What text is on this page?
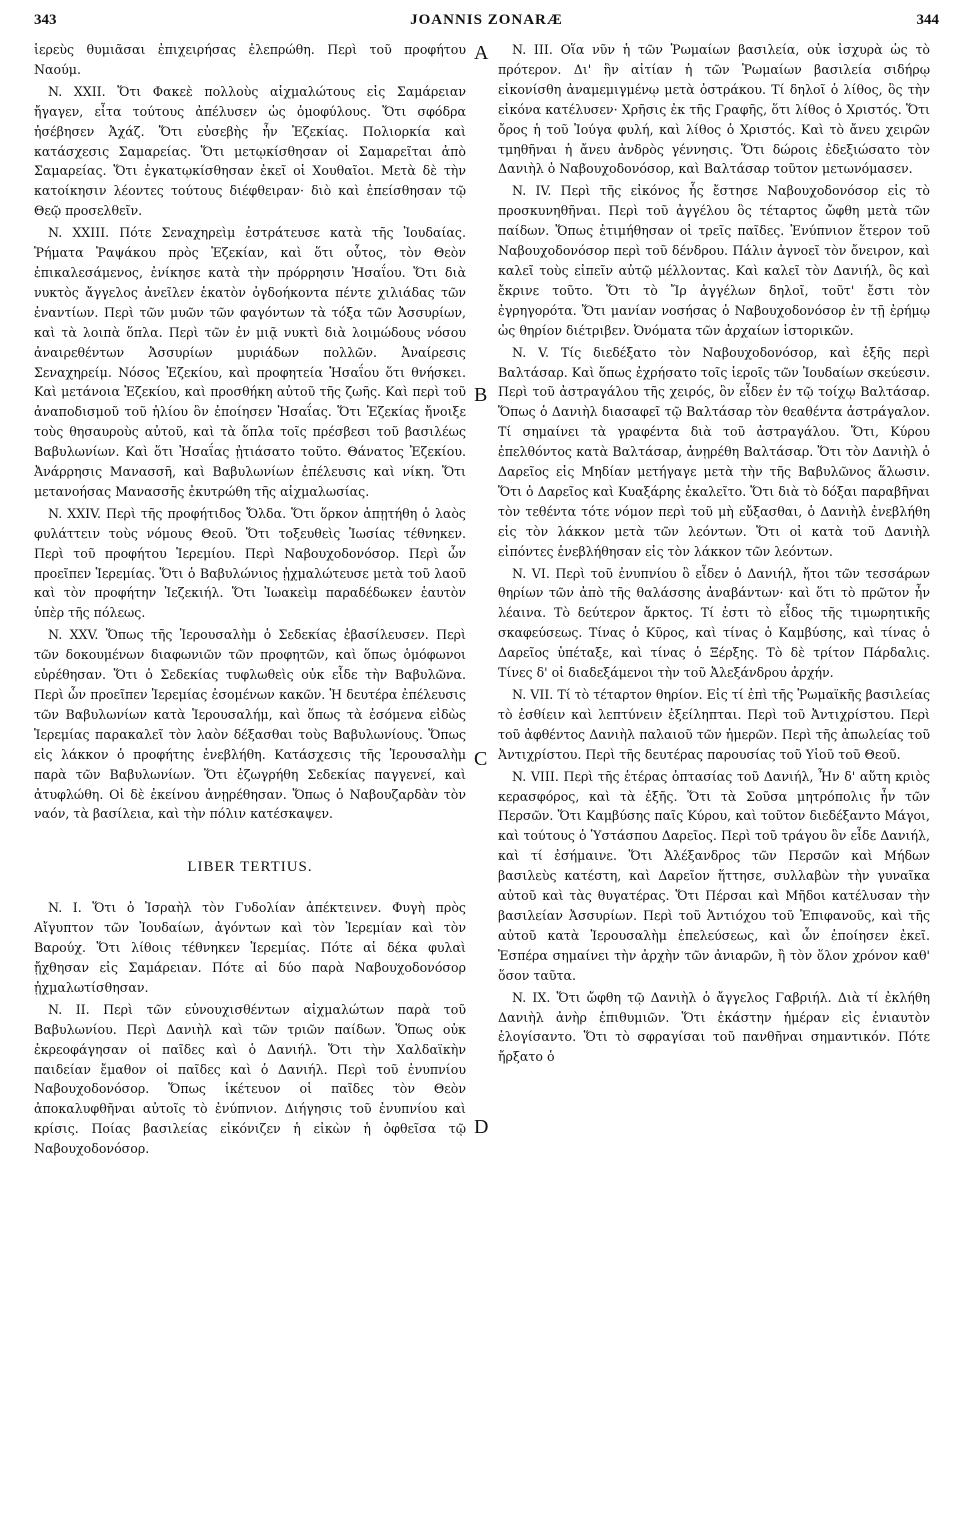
343	JOANNIS ZONARÆ	344
A
B
C
D

ἱερεὺς θυμιᾶσαι ἐπιχειρήσας ἐλεπρώθη. Περὶ τοῦ προφήτου Ναούμ.

N. XXII. Ὅτι Φακεὲ πολλοὺς αἰχμαλώτους εἰς Σαμάρειαν ἤγαγεν, εἶτα τούτους ἀπέλυσεν ὡς ὁμοφύλους. Ὅτι σφόδρα ἠσέβησεν Ἀχάζ. Ὅτι εὐσεβὴς ἦν Ἐζεκίας. Πολιορκία καὶ κατάσχεσις Σαμαρείας. Ὅτι μετῳκίσθησαν οἱ Σαμαρεῖται ἀπὸ Σαμαρείας. Ὅτι ἐγκατῳκίσθησαν ἐκεῖ οἱ Χουθαῖοι. Μετὰ δὲ τὴν κατοίκησιν λέοντες τούτους διέφθειραν· διὸ καὶ ἐπείσθησαν τῷ Θεῷ προσελθεῖν.

N. XXIII. Πότε Σεναχηρεὶμ ἐστράτευσε κατὰ τῆς Ἰουδαίας. Ῥήματα Ῥαψάκου πρὸς Ἐζεκίαν, καὶ ὅτι οὗτος, τὸν Θεὸν ἐπικαλεσάμενος, ἐνίκησε κατὰ τὴν πρόρρησιν Ἡσαΐου. Ὅτι διὰ νυκτὸς ἄγγελος ἀνεῖλεν ἑκατὸν ὀγδοήκοντα πέντε χιλιάδας τῶν ἐναντίων. Περὶ τῶν μυῶν τῶν φαγόντων τὰ τόξα τῶν Ἀσσυρίων, καὶ τὰ λοιπὰ ὅπλα. Περὶ τῶν ἐν μιᾷ νυκτὶ διὰ λοιμώδους νόσου ἀναιρεθέντων Ἀσσυρίων μυριάδων πολλῶν. Ἀναίρεσις Σεναχηρείμ. Νόσος Ἐζεκίου, καὶ προφητεία Ἡσαΐου ὅτι θνήσκει. Καὶ μετάνοια Ἐζεκίου, καὶ προσθήκη αὐτοῦ τῆς ζωῆς. Καὶ περὶ τοῦ ἀναποδισμοῦ τοῦ ἡλίου ὃν ἐποίησεν Ἡσαΐας. Ὅτι Ἐζεκίας ἤνοιξε τοὺς θησαυροὺς αὐτοῦ, καὶ τὰ ὅπλα τοῖς πρέσβεσι τοῦ βασιλέως Βαβυλωνίων. Καὶ ὅτι Ἡσαΐας ᾐτιάσατο τοῦτο. Θάνατος Ἐζεκίου. Ἀνάρρησις Μανασσῆ, καὶ Βαβυλωνίων ἐπέλευσις καὶ νίκη. Ὅτι μετανοήσας Μανασσῆς ἐκυτρώθη τῆς αἰχμαλωσίας.

N. XXIV. Περὶ τῆς προφήτιδος Ὄλδα. Ὅτι ὅρκον ἀπῃτήθη ὁ λαὸς φυλάττειν τοὺς νόμους Θεοῦ. Ὅτι τοξευθεὶς Ἰωσίας τέθνηκεν. Περὶ τοῦ προφήτου Ἱερεμίου. Περὶ Ναβουχοδονόσορ. Περὶ ὧν προεῖπεν Ἱερεμίας. Ὅτι ὁ Βαβυλώνιος ᾐχμαλώτευσε μετὰ τοῦ λαοῦ καὶ τὸν προφήτην Ἰεζεκιήλ. Ὅτι Ἰωακεὶμ παραδέδωκεν ἑαυτὸν ὑπὲρ τῆς πόλεως.

N. XXV. Ὅπως τῆς Ἱερουσαλὴμ ὁ Σεδεκίας ἐβασίλευσεν. Περὶ τῶν δοκουμένων διαφωνιῶν τῶν προφητῶν, καὶ ὅπως ὁμόφωνοι εὑρέθησαν. Ὅτι ὁ Σεδεκίας τυφλωθεὶς οὐκ εἶδε τὴν Βαβυλῶνα. Περὶ ὧν προεῖπεν Ἱερεμίας ἐσομένων κακῶν. Ἡ δευτέρα ἐπέλευσις τῶν Βαβυλωνίων κατὰ Ἱερουσαλήμ, καὶ ὅπως τὰ ἐσόμενα εἰδὼς Ἱερεμίας παρακαλεῖ τὸν λαὸν δέξασθαι τοὺς Βαβυλωνίους. Ὅπως εἰς λάκκον ὁ προφήτης ἐνεβλήθη. Κατάσχεσις τῆς Ἱερουσαλὴμ παρὰ τῶν Βαβυλωνίων. Ὅτι ἐζωγρήθη Σεδεκίας παγγενεί, καὶ ἀτυφλώθη. Οἱ δὲ ἐκείνου ἀνῃρέθησαν. Ὅπως ὁ Ναβουζαρδὰν τὸν ναόν, τὰ βασίλεια, καὶ τὴν πόλιν κατέσκαψεν.

LIBER TERTIUS.

N. I. Ὅτι ὁ Ἰσραὴλ τὸν Γυδολίαν ἀπέκτεινεν. Φυγὴ πρὸς Αἴγυπτον τῶν Ἰουδαίων, ἀγόντων καὶ τὸν Ἱερεμίαν καὶ τὸν Βαρούχ. Ὅτι λίθοις τέθνηκεν Ἱερεμίας. Πότε αἱ δέκα φυλαὶ ᾔχθησαν εἰς Σαμάρειαν. Πότε αἱ δύο παρὰ Ναβουχοδονόσορ ᾐχμαλωτίσθησαν.

N. II. Περὶ τῶν εὐνουχισθέντων αἰχμαλώτων παρὰ τοῦ Βαβυλωνίου. Περὶ Δανιὴλ καὶ τῶν τριῶν παίδων. Ὅπως οὐκ ἐκρεοφάγησαν οἱ παῖδες καὶ ὁ Δανιήλ. Ὅτι τὴν Χαλδαϊκὴν παιδείαν ἔμαθον οἱ παῖδες καὶ ὁ Δανιήλ. Περὶ τοῦ ἐνυπνίου Ναβουχοδονόσορ. Ὅπως ἱκέτευον οἱ παῖδες τὸν Θεὸν ἀποκαλυφθῆναι αὐτοῖς τὸ ἐνύπνιον. Διήγησις τοῦ ἐνυπνίου καὶ κρίσις. Ποίας βασιλείας εἰκόνιζεν ἡ εἰκὼν ἡ ὀφθεῖσα τῷ Ναβουχοδονόσορ.

N. III. Οἵα νῦν ἡ τῶν Ῥωμαίων βασιλεία, οὐκ ἰσχυρὰ ὡς τὸ πρότερον. Δι' ἣν αἰτίαν ἡ τῶν Ῥωμαίων βασιλεία σιδήρῳ εἰκονίσθη ἀναμεμιγμένῳ μετὰ ὀστράκου. Τί δηλοῖ ὁ λίθος, ὃς τὴν εἰκόνα κατέλυσεν· Χρῆσις ἐκ τῆς Γραφῆς, ὅτι λίθος ὁ Χριστός. Ὅτι ὄρος ἡ τοῦ Ἰούγα φυλή, καὶ λίθος ὁ Χριστός. Καὶ τὸ ἄνευ χειρῶν τμηθῆναι ἡ ἄνευ ἀνδρὸς γέννησις. Ὅτι δώροις ἐδεξιώσατο τὸν Δανιὴλ ὁ Ναβουχοδονόσορ, καὶ Βαλτάσαρ τοῦτον μετωνόμασεν.

N. IV. Περὶ τῆς εἰκόνος ἧς ἔστησε Ναβουχοδονόσορ εἰς τὸ προσκυνηθῆναι. Περὶ τοῦ ἀγγέλου ὃς τέταρτος ὤφθη μετὰ τῶν παίδων. Ὅπως ἐτιμήθησαν οἱ τρεῖς παῖδες. Ἐνύπνιον ἕτερον τοῦ Ναβουχοδονόσορ περὶ τοῦ δένδρου. Πάλιν ἀγνοεῖ τὸν ὄνειρον, καὶ καλεῖ τοὺς εἰπεῖν αὐτῷ μέλλοντας. Καὶ καλεῖ τὸν Δανιήλ, ὃς καὶ ἔκρινε τοῦτο. Ὅτι τὸ Ἴρ ἀγγέλων δηλοῖ, τοῦτ' ἔστι τὸν ἐγρηγορότα. Ὅτι μανίαν νοσήσας ὁ Ναβουχοδονόσορ ἐν τῇ ἐρήμῳ ὡς θηρίον διέτριβεν. Ὀνόματα τῶν ἀρχαίων ἱστορικῶν.

N. V. Τίς διεδέξατο τὸν Ναβουχοδονόσορ, καὶ ἑξῆς περὶ Βαλτάσαρ. Καὶ ὅπως ἐχρήσατο τοῖς ἱεροῖς τῶν Ἰουδαίων σκεύεσιν. Περὶ τοῦ ἀστραγάλου τῆς χειρός, ὃν εἶδεν ἐν τῷ τοίχῳ Βαλτάσαρ. Ὅπως ὁ Δανιὴλ διασαφεῖ τῷ Βαλτάσαρ τὸν θεαθέντα ἀστράγαλον. Τί σημαίνει τὰ γραφέντα διὰ τοῦ ἀστραγάλου. Ὅτι, Κύρου ἐπελθόντος κατὰ Βαλτάσαρ, ἀνῃρέθη Βαλτάσαρ. Ὅτι τὸν Δανιὴλ ὁ Δαρεῖος εἰς Μηδίαν μετήγαγε μετὰ τὴν τῆς Βαβυλῶνος ἅλωσιν. Ὅτι ὁ Δαρεῖος καὶ Κυαξάρης ἐκαλεῖτο. Ὅτι διὰ τὸ δόξαι παραβῆναι τὸν τεθέντα τότε νόμον περὶ τοῦ μὴ εὔξασθαι, ὁ Δανιὴλ ἐνεβλήθη εἰς τὸν λάκκον μετὰ τῶν λεόντων. Ὅτι οἱ κατὰ τοῦ Δανιὴλ εἰπόντες ἐνεβλήθησαν εἰς τὸν λάκκον τῶν λεόντων.

N. VI. Περὶ τοῦ ἐνυπνίου ὃ εἶδεν ὁ Δανιήλ, ἤτοι τῶν τεσσάρων θηρίων τῶν ἀπὸ τῆς θαλάσσης ἀναβάντων· καὶ ὅτι τὸ πρῶτον ἦν λέαινα. Τὸ δεύτερον ἄρκτος. Τί ἐστι τὸ εἶδος τῆς τιμωρητικῆς σκαφεύσεως. Τίνας ὁ Κῦρος, καὶ τίνας ὁ Καμβύσης, καὶ τίνας ὁ Δαρεῖος ὑπέταξε, καὶ τίνας ὁ Ξέρξης. Τὸ δὲ τρίτον Πάρδαλις. Τίνες δ' οἱ διαδεξάμενοι τὴν τοῦ Ἀλεξάνδρου ἀρχήν.

N. VII. Τί τὸ τέταρτον θηρίον. Εἰς τί ἐπὶ τῆς Ῥωμαϊκῆς βασιλείας τὸ ἐσθίειν καὶ λεπτύνειν ἐξείληπται. Περὶ τοῦ Ἀντιχρίστου. Περὶ τοῦ ἀφθέντος Δανιὴλ παλαιοῦ τῶν ἡμερῶν. Περὶ τῆς ἀπωλείας τοῦ Ἀντιχρίστου. Περὶ τῆς δευτέρας παρουσίας τοῦ Υἱοῦ τοῦ Θεοῦ.

N. VIII. Περὶ τῆς ἑτέρας ὀπτασίας τοῦ Δανιήλ, Ἦν δ' αὕτη κριὸς κερασφόρος, καὶ τὰ ἑξῆς. Ὅτι τὰ Σοῦσα μητρόπολις ἦν τῶν Περσῶν. Ὅτι Καμβύσης παῖς Κύρου, καὶ τοῦτον διεδέξαντο Μάγοι, καὶ τούτους ὁ Ὑστάσπου Δαρεῖος. Περὶ τοῦ τράγου ὃν εἶδε Δανιήλ, καὶ τί ἐσήμαινε. Ὅτι Ἀλέξανδρος τῶν Περσῶν καὶ Μήδων βασιλεὺς κατέστη, καὶ Δαρεῖον ἥττησε, συλλαβὼν τὴν γυναῖκα αὐτοῦ καὶ τὰς θυγατέρας. Ὅτι Πέρσαι καὶ Μῆδοι κατέλυσαν τὴν βασιλείαν Ἀσσυρίων. Περὶ τοῦ Ἀντιόχου τοῦ Ἐπιφανοῦς, καὶ τῆς αὐτοῦ κατὰ Ἱερουσαλὴμ ἐπελεύσεως, καὶ ὧν ἐποίησεν ἐκεῖ. Ἑσπέρα σημαίνει τὴν ἀρχὴν τῶν ἀνιαρῶν, ἢ τὸν ὅλον χρόνον καθ' ὅσον ταῦτα.

N. IX. Ὅτι ὤφθη τῷ Δανιὴλ ὁ ἄγγελος Γαβριήλ. Διὰ τί ἐκλήθη Δανιὴλ ἀνὴρ ἐπιθυμιῶν. Ὅτι ἑκάστην ἡμέραν εἰς ἐνιαυτὸν ἐλογίσαντο. Ὅτι τὸ σφραγίσαι τοῦ πανθῆναι σημαντικόν. Πότε ἤρξατο ὁ
